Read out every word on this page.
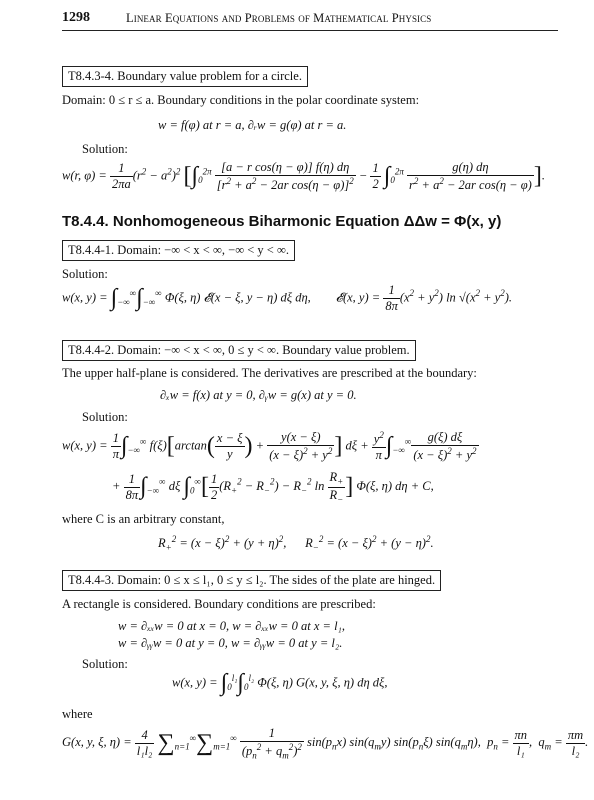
1298	Linear Equations and Problems of Mathematical Physics
T8.4.3-4. Boundary value problem for a circle.
Domain: 0 ≤ r ≤ a. Boundary conditions in the polar coordinate system:
w = f(φ) at r = a, ∂ᵣw = g(φ) at r = a.
Solution:
w(r, $\varphi) = \frac{1}{2\pi a} (r^2 - a^2)^2$ [$\int_0^{2\pi} \frac{\text{[a − r cos(η − φ)] f(η) dη}}{[r^2 + a^2 - 2ar \cos(\eta - \varphi)]^2} - \frac{1}{2} \int_0^{2\pi} \frac{g(\eta) d\eta}{r^2 + a^2 - 2ar \cos(\eta - \varphi)}$ ].
T8.4.4. Nonhomogeneous Biharmonic Equation ΔΔw = Φ(x, y)
T8.4.4-1. Domain: −∞ < x < ∞, −∞ < y < ∞.
Solution:
w(x, $y) = \int_{-\infty}^\infty\int_{-\infty}^\infty$ Φ(ξ, η) 𝓔(x − ξ, y − η) dξ dη,        𝓔(x, $y) = \frac{1}{8\pi} (x^2 + y^2)$ $\ln √(x^2 + y^2)$.
T8.4.4-2. Domain: −∞ < x < ∞, 0 ≤ y < ∞. Boundary value problem.
The upper half-plane is considered. The derivatives are prescribed at the boundary:
∂ₓw = f(x) at y = 0, ∂ᵧw = g(x) at y = 0.
Solution:
w(x, $y) = \frac{1}{\pi} \int_{-\infty}^\infty$ $f(\xi)[\arctan( \frac{x - \xi}{y}$ ) + $\frac{y(x - \xi)}{(x - \xi)^2 + y^2}$ ] $d\xi + \frac{y^2}{\pi} \int_{-\infty}^\infty \frac{g(\xi) d\xi}{(x - \xi)^2 + y^2}$
+ $\frac{1}{8\pi} \int_{-\infty}^\infty$ dξ $\int_0^\infty[ \frac{1}{2} (R_+^2 - R_-^2) - R_-^2$ $\ln \frac{R_+}{R_-}$ ] Φ(ξ, η) dη + C,
where C is an arbitrary constant,
$R_+^2 = (x - \xi)^2 + (y + \eta)^2$,      $R_-^2 = (x - \xi)^2 + (y - \eta)^2$.
T8.4.4-3. Domain: 0 ≤ x ≤ l₁, 0 ≤ y ≤ l₂. The sides of the plate are hinged.
A rectangle is considered. Boundary conditions are prescribed:
w = ∂ₓₓw = 0 at x = 0, w = ∂ₓₓw = 0 at x = l₁,
w = ∂ᵧᵧw = 0 at y = 0, w = ∂ᵧᵧw = 0 at y = l₂.
Solution:
w(x, $y) = \int_0^{l_1}\int_0^{l_2}$ Φ(ξ, η) G(x, y, ξ, η) dη dξ,
where
G(x, y, ξ, $\eta) = \frac{4}{\text{l₁l₂}} \sum_{n=1}^\infty\sum_{m=1}^\infty \frac{1}{(p_n^2 + q_m^2)^2} \sin(p_nx)$ $\sin(q_my)$ $\sin(p_n\xi)$ $\sin(q_m\eta)$,  $p_n = \frac{\pi n}{\text{l₁}}$ ,  $q_m = \frac{\pi m}{\text{l₂}}$ .
